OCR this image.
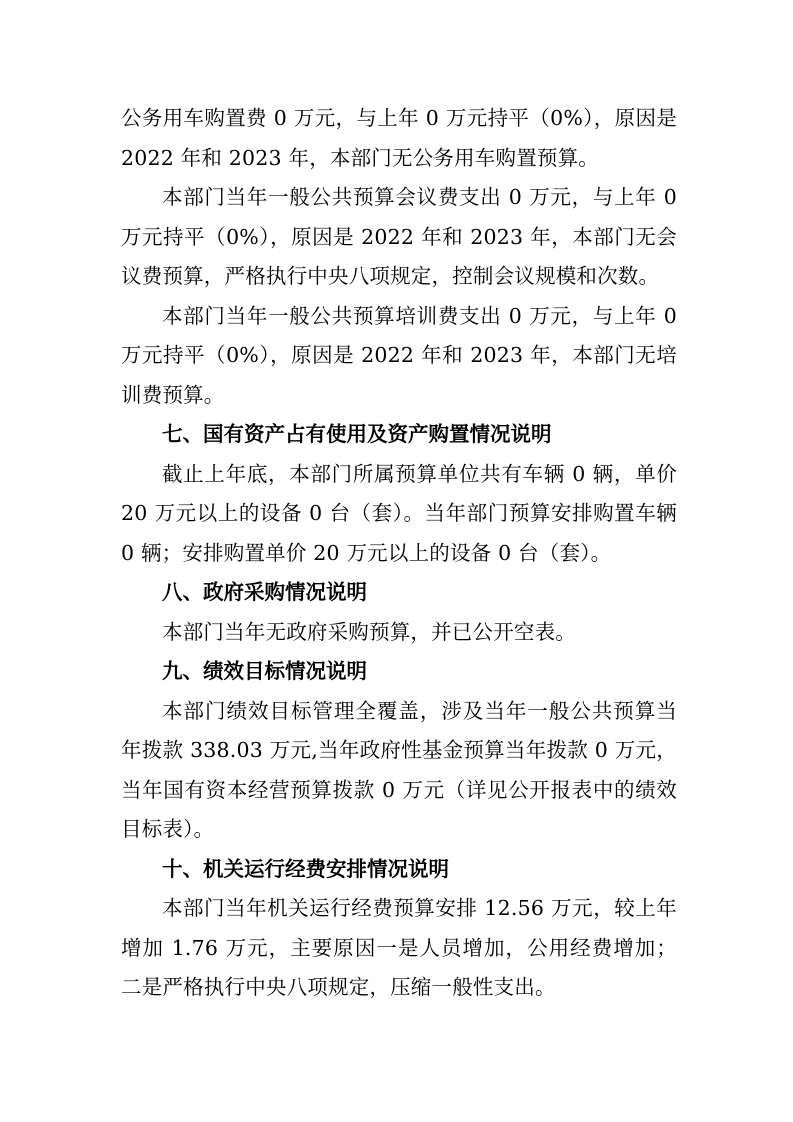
公务用车购置费 0 万元，与上年 0 万元持平（0%），原因是 2022 年和 2023 年，本部门无公务用车购置预算。

本部门当年一般公共预算会议费支出 0 万元，与上年 0 万元持平（0%），原因是 2022 年和 2023 年，本部门无会议费预算，严格执行中央八项规定，控制会议规模和次数。

本部门当年一般公共预算培训费支出 0 万元，与上年 0 万元持平（0%），原因是 2022 年和 2023 年，本部门无培训费预算。

七、国有资产占有使用及资产购置情况说明

截止上年底，本部门所属预算单位共有车辆 0 辆，单价 20 万元以上的设备 0 台（套）。当年部门预算安排购置车辆 0 辆；安排购置单价 20 万元以上的设备 0 台（套）。

八、政府采购情况说明

本部门当年无政府采购预算，并已公开空表。

九、绩效目标情况说明

本部门绩效目标管理全覆盖，涉及当年一般公共预算当年拨款 338.03 万元,当年政府性基金预算当年拨款 0 万元，当年国有资本经营预算拨款 0 万元（详见公开报表中的绩效目标表）。

十、机关运行经费安排情况说明

本部门当年机关运行经费预算安排 12.56 万元，较上年增加 1.76 万元，主要原因一是人员增加，公用经费增加；二是严格执行中央八项规定，压缩一般性支出。
